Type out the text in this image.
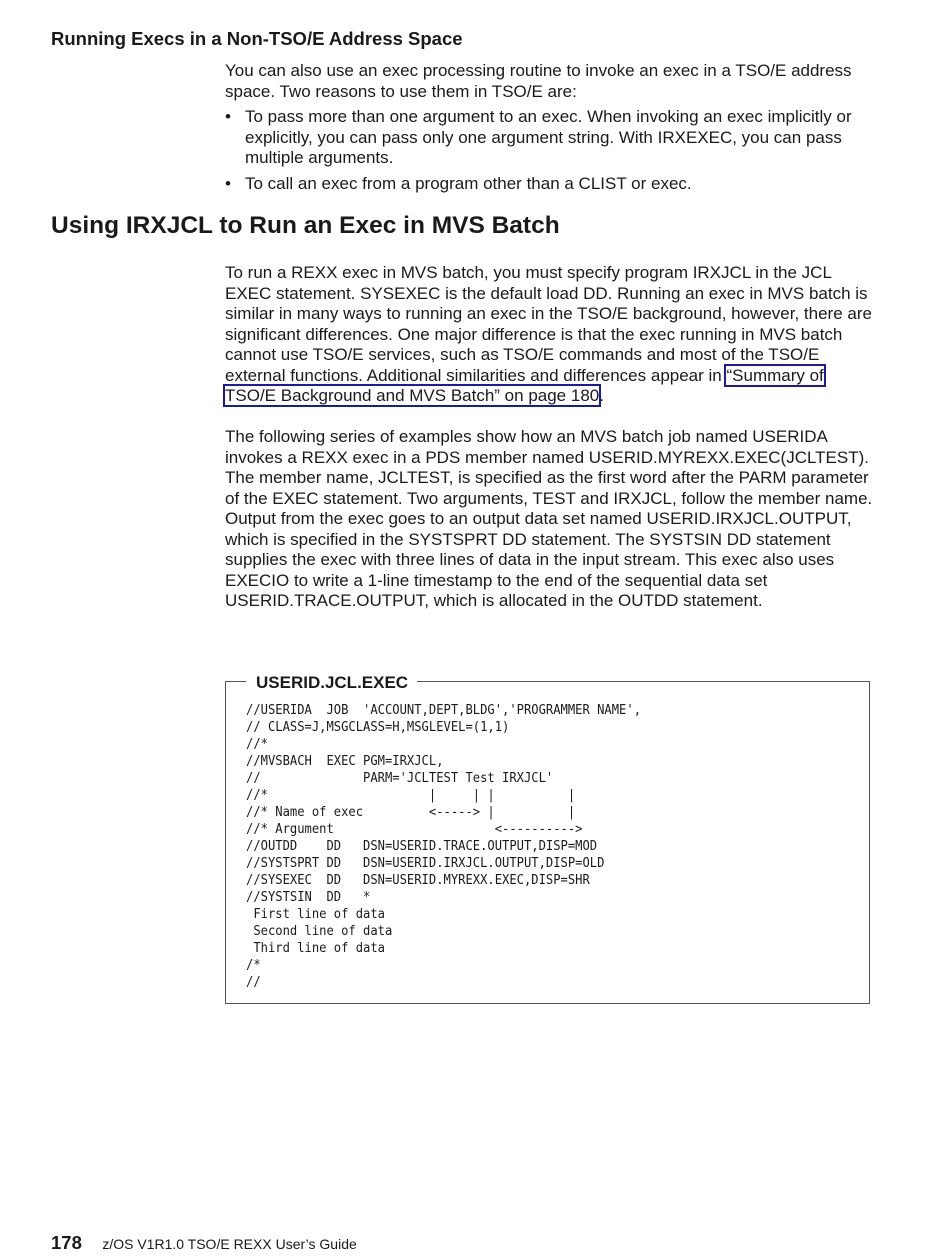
Running Execs in a Non-TSO/E Address Space

You can also use an exec processing routine to invoke an exec in a TSO/E address space. Two reasons to use them in TSO/E are:

• To pass more than one argument to an exec. When invoking an exec implicitly or explicitly, you can pass only one argument string. With IRXEXEC, you can pass multiple arguments.
• To call an exec from a program other than a CLIST or exec.
Using IRXJCL to Run an Exec in MVS Batch

To run a REXX exec in MVS batch, you must specify program IRXJCL in the JCL EXEC statement. SYSEXEC is the default load DD. Running an exec in MVS batch is similar in many ways to running an exec in the TSO/E background, however, there are significant differences. One major difference is that the exec running in MVS batch cannot use TSO/E services, such as TSO/E commands and most of the TSO/E external functions. Additional similarities and differences appear in “Summary of TSO/E Background and MVS Batch” on page 180.

The following series of examples show how an MVS batch job named USERIDA invokes a REXX exec in a PDS member named USERID.MYREXX.EXEC(JCLTEST). The member name, JCLTEST, is specified as the first word after the PARM parameter of the EXEC statement. Two arguments, TEST and IRXJCL, follow the member name. Output from the exec goes to an output data set named USERID.IRXJCL.OUTPUT, which is specified in the SYSTSPRT DD statement. The SYSTSIN DD statement supplies the exec with three lines of data in the input stream. This exec also uses EXECIO to write a 1-line timestamp to the end of the sequential data set USERID.TRACE.OUTPUT, which is allocated in the OUTDD statement.

USERID.JCL.EXEC
//USERIDA  JOB  'ACCOUNT,DEPT,BLDG','PROGRAMMER NAME',
// CLASS=J,MSGCLASS=H,MSGLEVEL=(1,1)
//*
//MVSBACH  EXEC PGM=IRXJCL,
//              PARM='JCLTEST Test IRXJCL'
//*                      |     | |          |
//* Name of exec         <-----> |          |
//* Argument                      <---------->
//OUTDD    DD   DSN=USERID.TRACE.OUTPUT,DISP=MOD
//SYSTSPRT DD   DSN=USERID.IRXJCL.OUTPUT,DISP=OLD
//SYSEXEC  DD   DSN=USERID.MYREXX.EXEC,DISP=SHR
//SYSTSIN  DD   *
First line of data
Second line of data
Third line of data
/*
//
178 z/OS V1R1.0 TSO/E REXX User’s Guide
